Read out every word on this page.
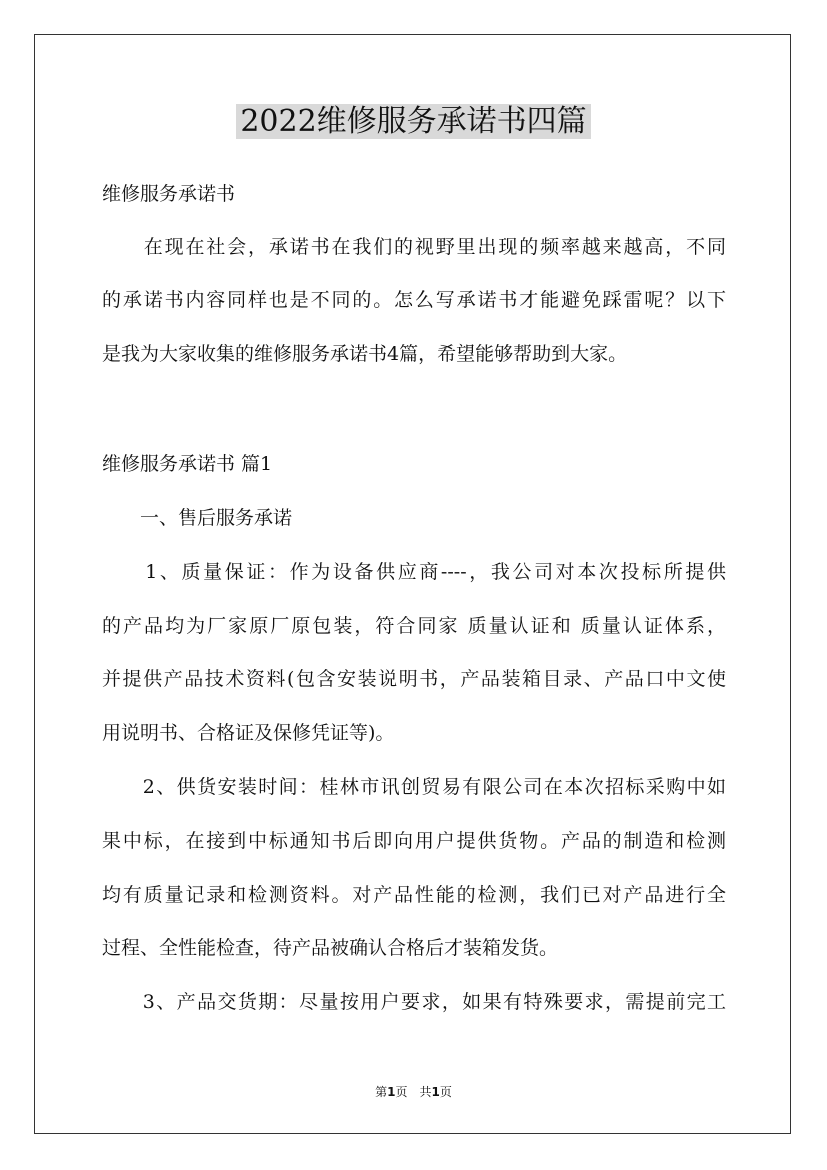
2022维修服务承诺书四篇
维修服务承诺书
　　在现在社会，承诺书在我们的视野里出现的频率越来越高，不同
的承诺书内容同样也是不同的。怎么写承诺书才能避免踩雷呢？以下
是我为大家收集的维修服务承诺书4篇，希望能够帮助到大家。
维修服务承诺书 篇1
　　一、售后服务承诺
　　1、质量保证：作为设备供应商----，我公司对本次投标所提供
的产品均为厂家原厂原包装，符合同家 质量认证和 质量认证体系，
并提供产品技术资料(包含安装说明书，产品装箱目录、产品口中文使
用说明书、合格证及保修凭证等)。
　　2、供货安装时间：桂林市讯创贸易有限公司在本次招标采购中如
果中标，在接到中标通知书后即向用户提供货物。产品的制造和检测
均有质量记录和检测资料。对产品性能的检测，我们已对产品进行全
过程、全性能检查，待产品被确认合格后才装箱发货。
　　3、产品交货期：尽量按用户要求，如果有特殊要求，需提前完工
第1页　共1页
